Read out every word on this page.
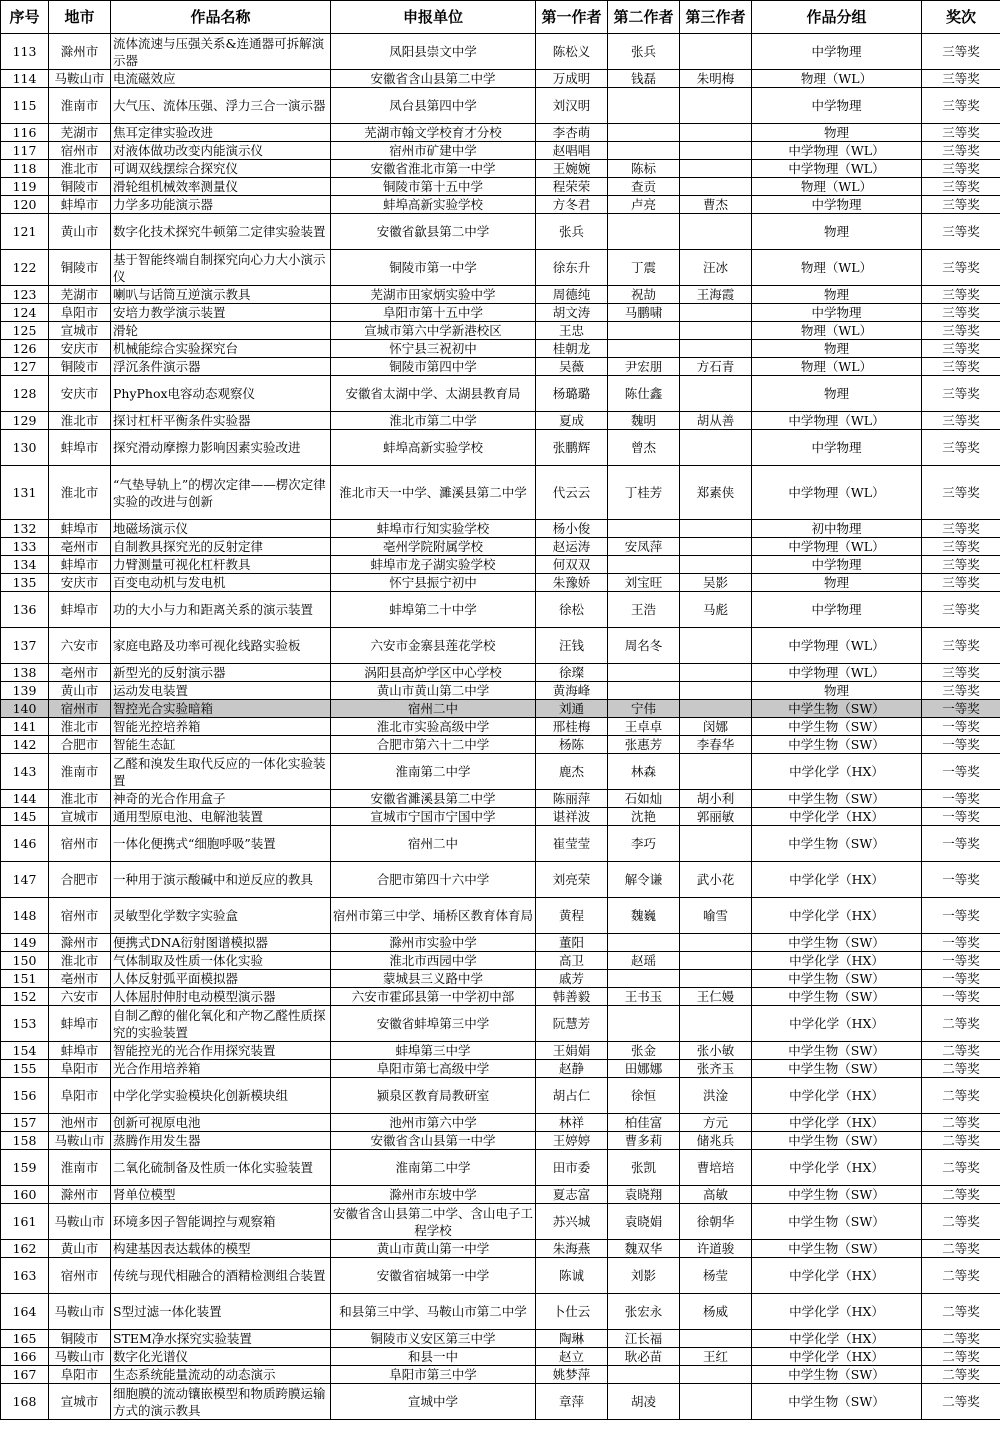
序号	地市	作品名称	申报单位	第一作者	第二作者	第三作者	作品分组	奖次
113	滁州市	流体流速与压强关系&连通器可拆解演示器	凤阳县崇文中学	陈松义	张兵		中学物理	三等奖
114	马鞍山市	电流磁效应	安徽省含山县第二中学	万成明	钱磊	朱明梅	物理（WL）	三等奖
115	淮南市	大气压、流体压强、浮力三合一演示器	凤台县第四中学	刘汉明			中学物理	三等奖
116	芜湖市	焦耳定律实验改进	芜湖市翰文学校育才分校	李杏萌			物理	三等奖
117	宿州市	对液体做功改变内能演示仪	宿州市矿建中学	赵唱唱			中学物理（WL）	三等奖
118	淮北市	可调双线摆综合探究仪	安徽省淮北市第一中学	王婉婉	陈标		中学物理（WL）	三等奖
119	铜陵市	滑轮组机械效率测量仪	铜陵市第十五中学	程荣荣	查贡		物理（WL）	三等奖
120	蚌埠市	力学多功能演示器	蚌埠高新实验学校	方冬君	卢亮	曹杰	中学物理	三等奖
121	黄山市	数字化技术探究牛顿第二定律实验装置	安徽省歙县第二中学	张兵			物理	三等奖
122	铜陵市	基于智能终端自制探究向心力大小演示仪	铜陵市第一中学	徐东升	丁震	汪冰	物理（WL）	三等奖
123	芜湖市	喇叭与话筒互逆演示教具	芜湖市田家炳实验中学	周德纯	祝劼	王海霞	物理	三等奖
124	阜阳市	安培力教学演示装置	阜阳市第十五中学	胡文涛	马鹏啸		中学物理	三等奖
125	宣城市	滑轮	宣城市第六中学新港校区	王忠			物理（WL）	三等奖
126	安庆市	机械能综合实验探究台	怀宁县三祝初中	桂朝龙			物理	三等奖
127	铜陵市	浮沉条件演示器	铜陵市第四中学	吴薇	尹宏朋	方石青	物理（WL）	三等奖
128	安庆市	PhyPhox电容动态观察仪	安徽省太湖中学、太湖县教育局	杨璐璐	陈仕鑫		物理	三等奖
129	淮北市	探讨杠杆平衡条件实验器	淮北市第二中学	夏成	魏明	胡从善	中学物理（WL）	三等奖
130	蚌埠市	探究滑动摩擦力影响因素实验改进	蚌埠高新实验学校	张鹏辉	曾杰		中学物理	三等奖
131	淮北市	“气垫导轨上”的楞次定律——楞次定律实验的改进与创新	淮北市天一中学、濉溪县第二中学	代云云	丁桂芳	郑素侠	中学物理（WL）	三等奖
132	蚌埠市	地磁场演示仪	蚌埠市行知实验学校	杨小俊			初中物理	三等奖
133	亳州市	自制教具探究光的反射定律	亳州学院附属学校	赵运涛	安凤萍		中学物理（WL）	三等奖
134	蚌埠市	力臂测量可视化杠杆教具	蚌埠市龙子湖实验学校	何双双			中学物理	三等奖
135	安庆市	百变电动机与发电机	怀宁县振宁初中	朱豫娇	刘宝旺	吴影	物理	三等奖
136	蚌埠市	功的大小与力和距离关系的演示装置	蚌埠第二十中学	徐松	王浩	马彪	中学物理	三等奖
137	六安市	家庭电路及功率可视化线路实验板	六安市金寨县莲花学校	汪钱	周名冬		中学物理（WL）	三等奖
138	亳州市	新型光的反射演示器	涡阳县高炉学区中心学校	徐璨			中学物理（WL）	三等奖
139	黄山市	运动发电装置	黄山市黄山第二中学	黄海峰			物理	三等奖
140	宿州市	智控光合实验暗箱	宿州二中	刘通	宁伟		中学生物（SW）	一等奖
141	淮北市	智能光控培养箱	淮北市实验高级中学	邢桂梅	王卓卓	闵娜	中学生物（SW）	一等奖
142	合肥市	智能生态缸	合肥市第六十二中学	杨陈	张惠芳	李春华	中学生物（SW）	一等奖
143	淮南市	乙醛和溴发生取代反应的一体化实验装置	淮南第二中学	鹿杰	林森		中学化学（HX）	一等奖
144	淮北市	神奇的光合作用盒子	安徽省濉溪县第二中学	陈丽萍	石如灿	胡小利	中学生物（SW）	一等奖
145	宣城市	通用型原电池、电解池装置	宣城市宁国市宁国中学	谌祥波	沈艳	郭丽敏	中学化学（HX）	一等奖
146	宿州市	一体化便携式“细胞呼吸”装置	宿州二中	崔莹莹	李巧		中学生物（SW）	一等奖
147	合肥市	一种用于演示酸碱中和逆反应的教具	合肥市第四十六中学	刘亮荣	解令谦	武小花	中学化学（HX）	一等奖
148	宿州市	灵敏型化学数字实验盒	宿州市第三中学、埇桥区教育体育局	黄程	魏巍	喻雪	中学化学（HX）	一等奖
149	滁州市	便携式DNA衍射图谱模拟器	滁州市实验中学	董阳			中学生物（SW）	一等奖
150	淮北市	气体制取及性质一体化实验	淮北市西园中学	高卫	赵瑶		中学化学（HX）	一等奖
151	亳州市	人体反射弧平面模拟器	蒙城县三义路中学	戚芳			中学生物（SW）	一等奖
152	六安市	人体屈肘伸肘电动模型演示器	六安市霍邱县第一中学初中部	韩善毅	王书玉	王仁嫚	中学生物（SW）	一等奖
153	蚌埠市	自制乙醇的催化氧化和产物乙醛性质探究的实验装置	安徽省蚌埠第三中学	阮慧芳			中学化学（HX）	二等奖
154	蚌埠市	智能控光的光合作用探究装置	蚌埠第三中学	王娟娟	张金	张小敏	中学生物（SW）	二等奖
155	阜阳市	光合作用培养箱	阜阳市第七高级中学	赵静	田娜娜	张齐玉	中学生物（SW）	二等奖
156	阜阳市	中学化学实验模块化创新模块组	颍泉区教育局教研室	胡占仁	徐恒	洪淦	中学化学（HX）	二等奖
157	池州市	创新可视原电池	池州市第六中学	林祥	柏佳富	方元	中学化学（HX）	二等奖
158	马鞍山市	蒸腾作用发生器	安徽省含山县第一中学	王婷婷	曹多莉	储兆兵	中学生物（SW）	二等奖
159	淮南市	二氧化硫制备及性质一体化实验装置	淮南第二中学	田市委	张凯	曹培培	中学化学（HX）	二等奖
160	滁州市	肾单位模型	滁州市东坡中学	夏志富	袁晓翔	高敏	中学生物（SW）	二等奖
161	马鞍山市	环境多因子智能调控与观察箱	安徽省含山县第二中学、含山电子工程学校	苏兴城	袁晓娟	徐朝华	中学生物（SW）	二等奖
162	黄山市	构建基因表达载体的模型	黄山市黄山第一中学	朱海燕	魏双华	许道骏	中学生物（SW）	二等奖
163	宿州市	传统与现代相融合的酒精检测组合装置	安徽省宿城第一中学	陈诚	刘影	杨莹	中学化学（HX）	二等奖
164	马鞍山市	S型过滤一体化装置	和县第三中学、马鞍山市第二中学	卜仕云	张宏永	杨威	中学化学（HX）	二等奖
165	铜陵市	STEM净水探究实验装置	铜陵市义安区第三中学	陶琳	江长福		中学化学（HX）	二等奖
166	马鞍山市	数字化光谱仪	和县一中	赵立	耿必苗	王红	中学化学（HX）	二等奖
167	阜阳市	生态系统能量流动的动态演示	阜阳市第三中学	姚梦萍			中学生物（SW）	二等奖
168	宣城市	细胞膜的流动镶嵌模型和物质跨膜运输方式的演示教具	宣城中学	章萍	胡凌		中学生物（SW）	二等奖
